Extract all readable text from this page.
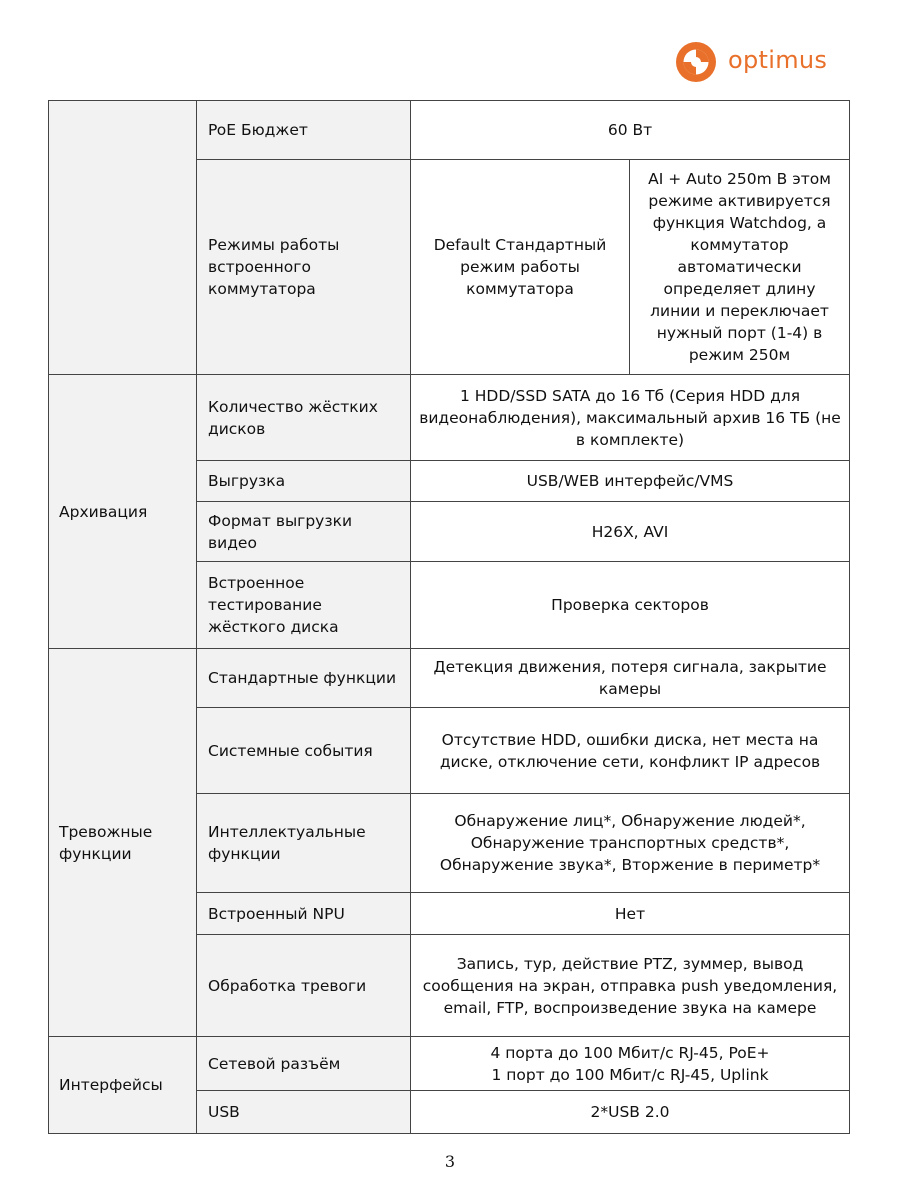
optimus
	PoE Бюджет	60 Вт	
	Режимы работы встроенного коммутатора	Default Стандартный режим работы коммутатора	AI + Auto 250m В этом режиме активируется функция Watchdog, а коммутатор автоматически определяет длину линии и переключает нужный порт (1-4) в режим 250м
Архивация	Количество жёстких дисков	1 HDD/SSD SATA до 16 Тб (Серия HDD для видеонаблюдения), максимальный архив 16 ТБ (не в комплекте)	
	Выгрузка	USB/WEB интерфейс/VMS	
	Формат выгрузки видео	H26X, AVI	
	Встроенное тестирование жёсткого диска	Проверка секторов	
Тревожные функции	Стандартные функции	Детекция движения, потеря сигнала, закрытие камеры	
	Системные события	Отсутствие HDD, ошибки диска, нет места на диске, отключение сети, конфликт IP адресов	
	Интеллектуальные функции	Обнаружение лиц*, Обнаружение людей*, Обнаружение транспортных средств*, Обнаружение звука*, Вторжение в периметр*	
	Встроенный NPU	Нет	
	Обработка тревоги	Запись, тур, действие PTZ, зуммер, вывод сообщения на экран, отправка push уведомления, email, FTP, воспроизведение звука на камере	
Интерфейсы	Сетевой разъём	4 порта до 100 Мбит/с RJ-45, PoE+
1 порт до 100 Мбит/с RJ-45, Uplink	

	USB	2*USB 2.0	
3
